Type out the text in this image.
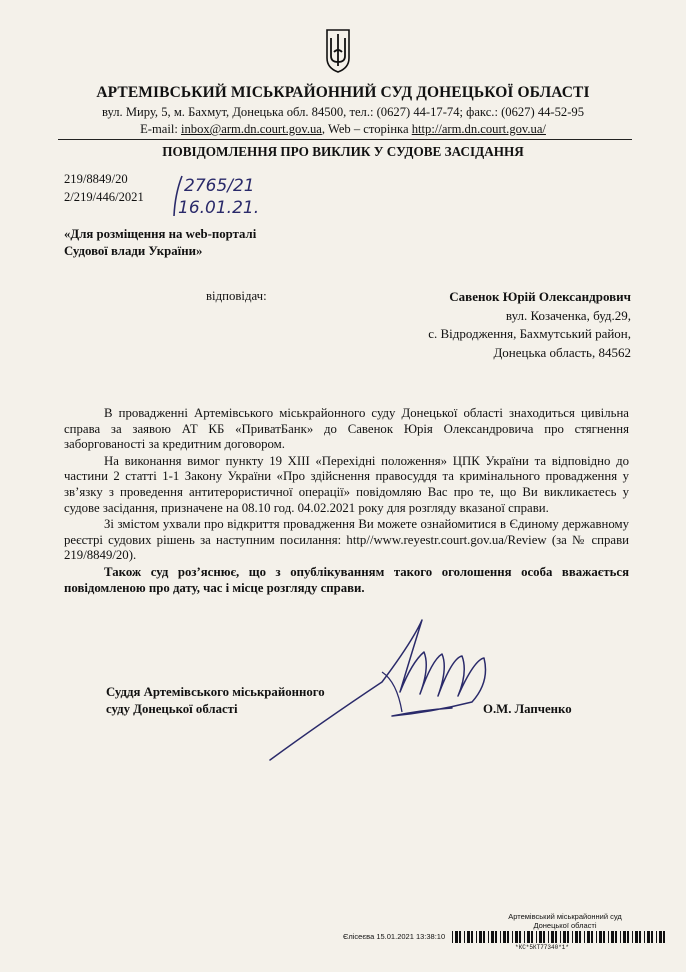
АРТЕМІВСЬКИЙ МІСЬКРАЙОННИЙ СУД ДОНЕЦЬКОЇ ОБЛАСТІ
вул. Миру, 5, м. Бахмут, Донецька обл. 84500, тел.: (0627) 44-17-74; факс.: (0627) 44-52-95
E-mail: inbox@arm.dn.court.gov.ua, Web – сторінка http://arm.dn.court.gov.ua/
ПОВІДОМЛЕННЯ ПРО ВИКЛИК У СУДОВЕ ЗАСІДАННЯ
219/8849/20
2/219/446/2021
2765/21
16.01.21.
«Для розміщення на web-порталі
Судової влади України»
відповідач:	Савенок Юрій Олександрович
вул. Козаченка, буд.29,
с. Відродження, Бахмутський район,
Донецька область, 84562

В провадженні Артемівського міськрайонного суду Донецької області знаходиться цивільна справа за заявою АТ КБ «ПриватБанк» до Савенок Юрія Олександровича про стягнення заборгованості за кредитним договором.

На виконання вимог пункту 19 ХІІІ «Перехідні положення» ЦПК України та відповідно до частини 2 статті 1-1 Закону України «Про здійснення правосуддя та кримінального провадження у зв’язку з проведення антитерористичної операції» повідомляю Вас про те, що Ви викликаєтесь у судове засідання, призначене на 08.10 год. 04.02.2021 року для розгляду вказаної справи.

Зі змістом ухвали про відкриття провадження Ви можете ознайомитися в Єдиному державному реєстрі судових рішень за наступним посилання: http//www.reyestr.court.gov.ua/Review (за № справи 219/8849/20).

Також суд роз’яснює, що з опублікуванням такого оголошення особа вважається повідомленою про дату, час і місце розгляду справи.

Суддя Артемівського міськрайонного
суду Донецької області	О.М. Лапченко
Артемівський міськрайонний суд
Донецької області
Єлісеєва 15.01.2021 13:38:10
*КС*5КТ77340*1*
